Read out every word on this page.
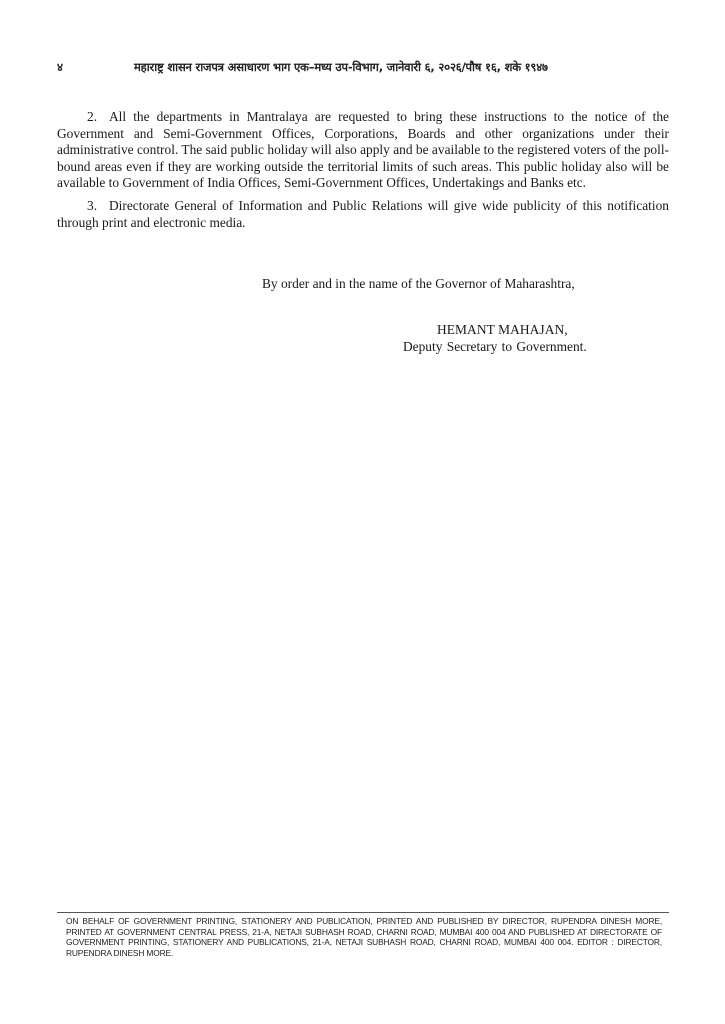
४	महाराष्ट्र शासन राजपत्र असाधारण भाग एक–मध्य उप-विभाग, जानेवारी ६, २०२६/पौष १६, शके १९४७

2. All the departments in Mantralaya are requested to bring these instructions to the notice of the Government and Semi-Government Offices, Corporations, Boards and other organizations under their administrative control. The said public holiday will also apply and be available to the registered voters of the poll-bound areas even if they are working outside the territorial limits of such areas. This public holiday also will be available to Government of India Offices, Semi-Government Offices, Undertakings and Banks etc.

3. Directorate General of Information and Public Relations will give wide publicity of this notification through print and electronic media.

By order and in the name of the Governor of Maharashtra,
HEMANT MAHAJAN,
Deputy Secretary to Government.
ON BEHALF OF GOVERNMENT PRINTING, STATIONERY AND PUBLICATION, PRINTED AND PUBLISHED BY DIRECTOR, RUPENDRA DINESH MORE, PRINTED AT GOVERNMENT CENTRAL PRESS, 21-A, NETAJI SUBHASH ROAD, CHARNI ROAD, MUMBAI 400 004 AND PUBLISHED AT DIRECTORATE OF GOVERNMENT PRINTING, STATIONERY AND PUBLICATIONS, 21-A, NETAJI SUBHASH ROAD, CHARNI ROAD, MUMBAI 400 004. EDITOR : DIRECTOR, RUPENDRA DINESH MORE.
